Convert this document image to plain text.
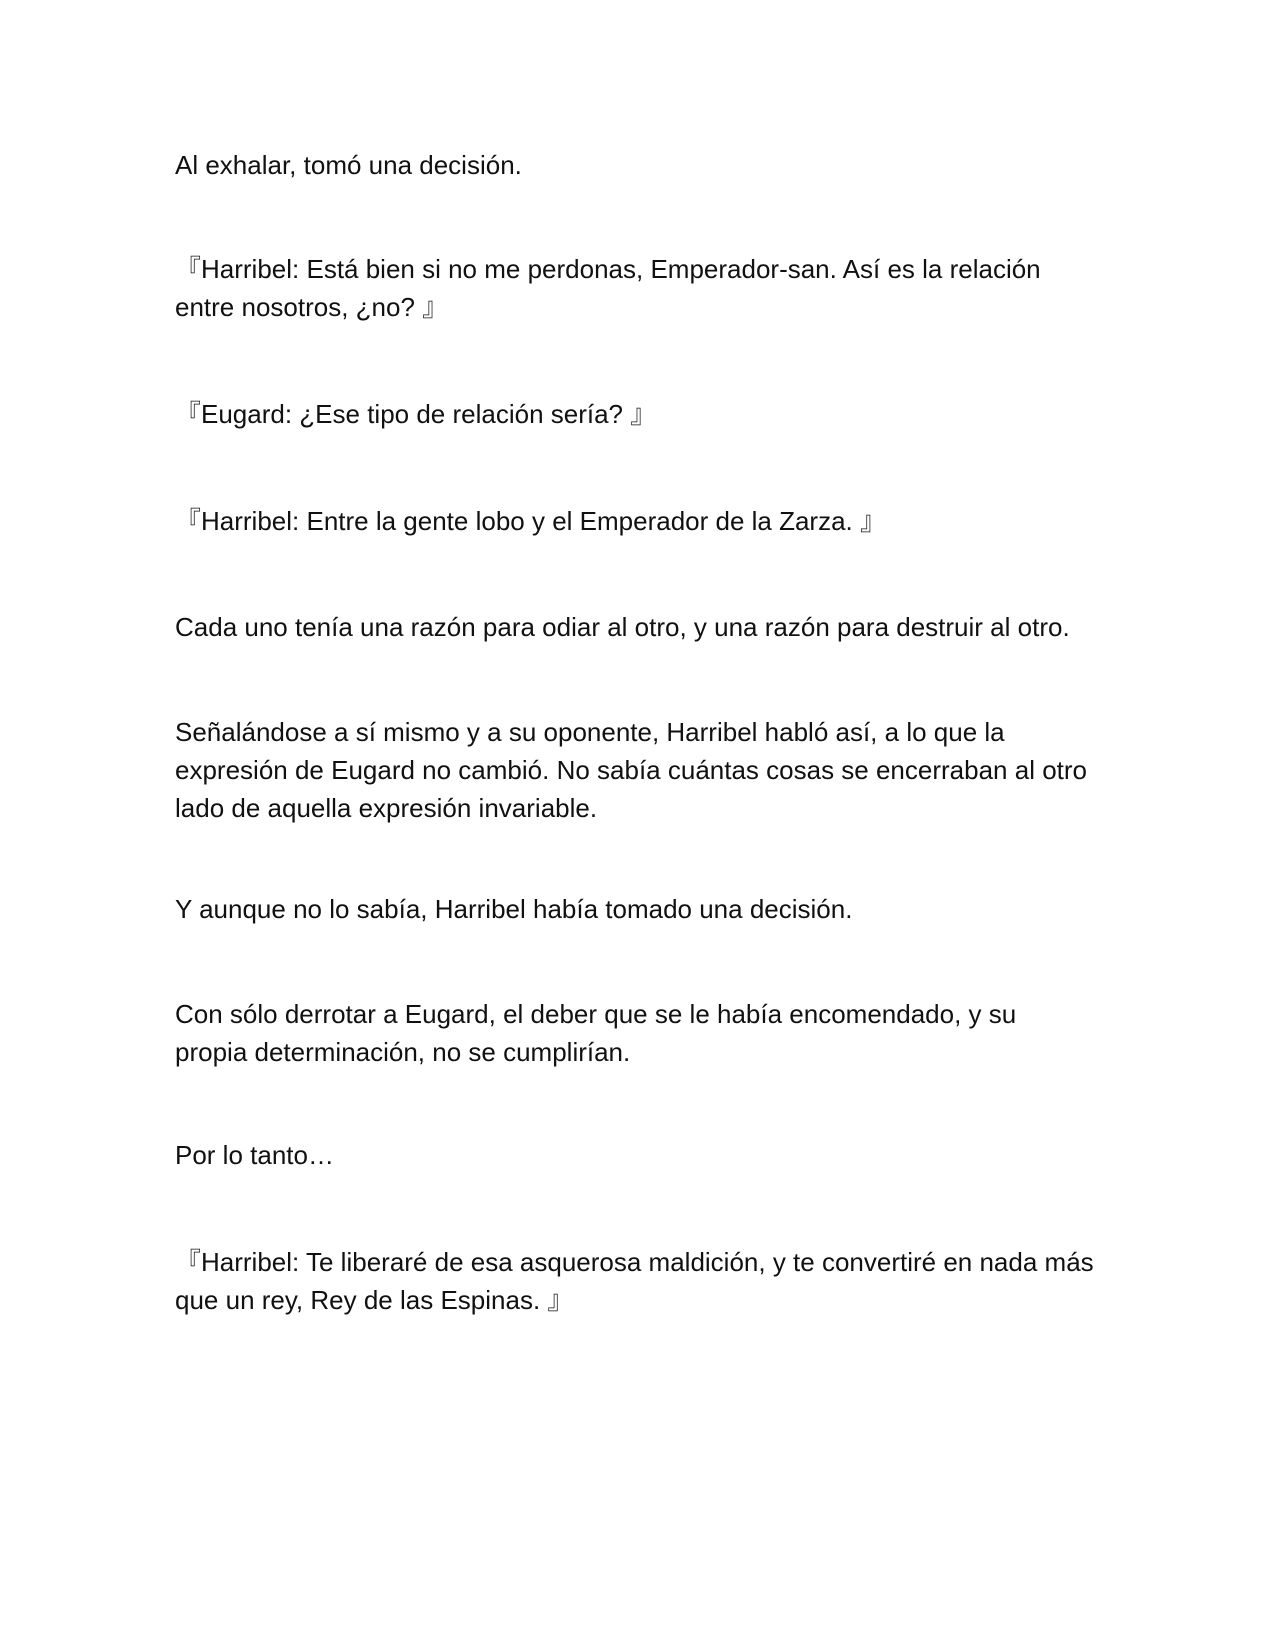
Al exhalar, tomó una decisión.

『Harribel: Está bien si no me perdonas, Emperador-san. Así es la relación entre nosotros, ¿no? 』

『Eugard: ¿Ese tipo de relación sería? 』

『Harribel: Entre la gente lobo y el Emperador de la Zarza. 』

Cada uno tenía una razón para odiar al otro, y una razón para destruir al otro.

Señalándose a sí mismo y a su oponente, Harribel habló así, a lo que la expresión de Eugard no cambió. No sabía cuántas cosas se encerraban al otro lado de aquella expresión invariable.

Y aunque no lo sabía, Harribel había tomado una decisión.

Con sólo derrotar a Eugard, el deber que se le había encomendado, y su propia determinación, no se cumplirían.

Por lo tanto…

『Harribel: Te liberaré de esa asquerosa maldición, y te convertiré en nada más que un rey, Rey de las Espinas. 』
